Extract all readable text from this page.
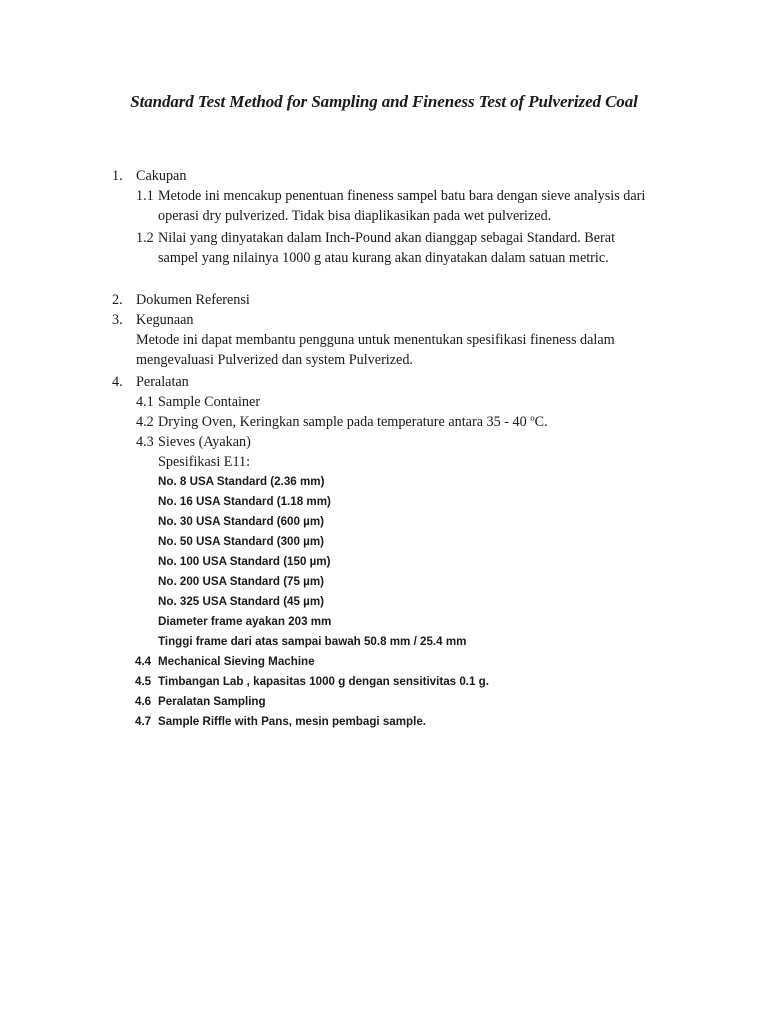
Standard Test Method for Sampling and Fineness Test of Pulverized Coal
1. Cakupan
1.1 Metode ini mencakup penentuan fineness sampel batu bara dengan sieve analysis dari
operasi dry pulverized. Tidak bisa diaplikasikan pada wet pulverized.
1.2 Nilai yang dinyatakan dalam Inch-Pound akan dianggap sebagai Standard. Berat
sampel yang nilainya 1000 g atau kurang akan dinyatakan dalam satuan metric.
2. Dokumen Referensi
3. Kegunaan
Metode ini dapat membantu pengguna untuk menentukan spesifikasi fineness dalam
mengevaluasi Pulverized dan system Pulverized.
4. Peralatan
4.1 Sample Container
4.2 Drying Oven, Keringkan sample pada temperature antara 35 - 40 ºC.
4.3 Sieves (Ayakan)
Spesifikasi E11:
No. 8 USA Standard (2.36 mm)
No. 16 USA Standard (1.18 mm)
No. 30 USA Standard (600 µm)
No. 50 USA Standard (300 µm)
No. 100 USA Standard (150 µm)
No. 200 USA Standard (75 µm)
No. 325 USA Standard (45 µm)
Diameter frame ayakan 203 mm
Tinggi frame dari atas sampai bawah 50.8 mm / 25.4 mm
4.4 Mechanical Sieving Machine
4.5 Timbangan Lab , kapasitas 1000 g dengan sensitivitas 0.1 g.
4.6 Peralatan Sampling
4.7 Sample Riffle with Pans, mesin pembagi sample.
